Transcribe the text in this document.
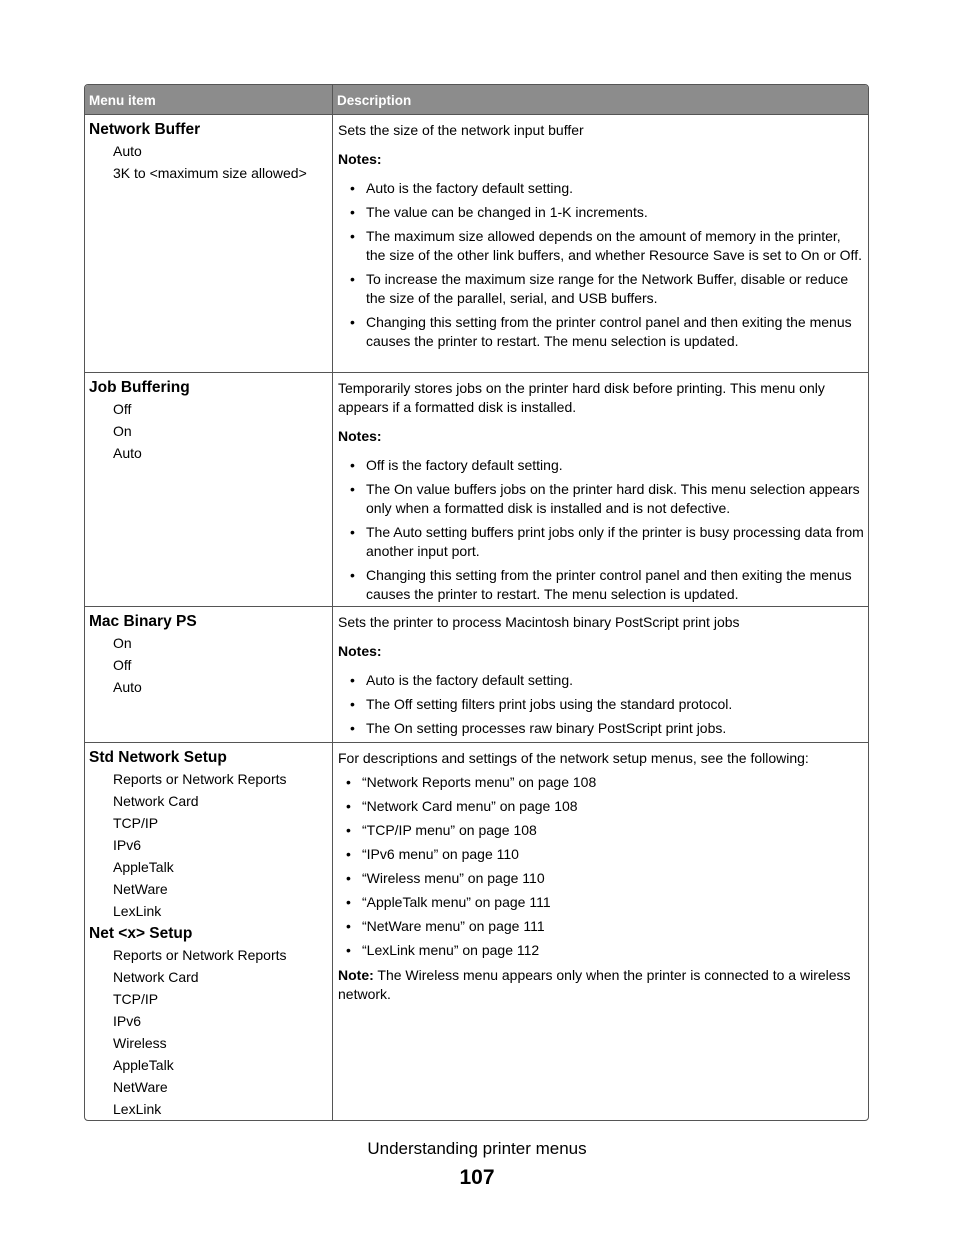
Menu item	Description
Network Buffer
Auto
3K to <maximum size allowed>

Sets the size of the network input buffer

Notes:

• Auto is the factory default setting.
• The value can be changed in 1-K increments.
• The maximum size allowed depends on the amount of memory in the printer, the size of the other link buffers, and whether Resource Save is set to On or Off.
• To increase the maximum size range for the Network Buffer, disable or reduce the size of the parallel, serial, and USB buffers.
• Changing this setting from the printer control panel and then exiting the menus causes the printer to restart. The menu selection is updated.
Job Buffering
Off
On
Auto

Temporarily stores jobs on the printer hard disk before printing. This menu only appears if a formatted disk is installed.

Notes:

• Off is the factory default setting.
• The On value buffers jobs on the printer hard disk. This menu selection appears only when a formatted disk is installed and is not defective.
• The Auto setting buffers print jobs only if the printer is busy processing data from another input port.
• Changing this setting from the printer control panel and then exiting the menus causes the printer to restart. The menu selection is updated.
Mac Binary PS
On
Off
Auto

Sets the printer to process Macintosh binary PostScript print jobs

Notes:

• Auto is the factory default setting.
• The Off setting filters print jobs using the standard protocol.
• The On setting processes raw binary PostScript print jobs.
Std Network Setup
Reports or Network Reports
Network Card
TCP/IP
IPv6
AppleTalk
NetWare
LexLink
Net <x> Setup
Reports or Network Reports
Network Card
TCP/IP
IPv6
Wireless
AppleTalk
NetWare
LexLink

For descriptions and settings of the network setup menus, see the following:

• “Network Reports menu” on page 108
• “Network Card menu” on page 108
• “TCP/IP menu” on page 108
• “IPv6 menu” on page 110
• “Wireless menu” on page 110
• “AppleTalk menu” on page 111
• “NetWare menu” on page 111
• “LexLink menu” on page 112

Note: The Wireless menu appears only when the printer is connected to a wireless network.

Understanding printer menus
107
